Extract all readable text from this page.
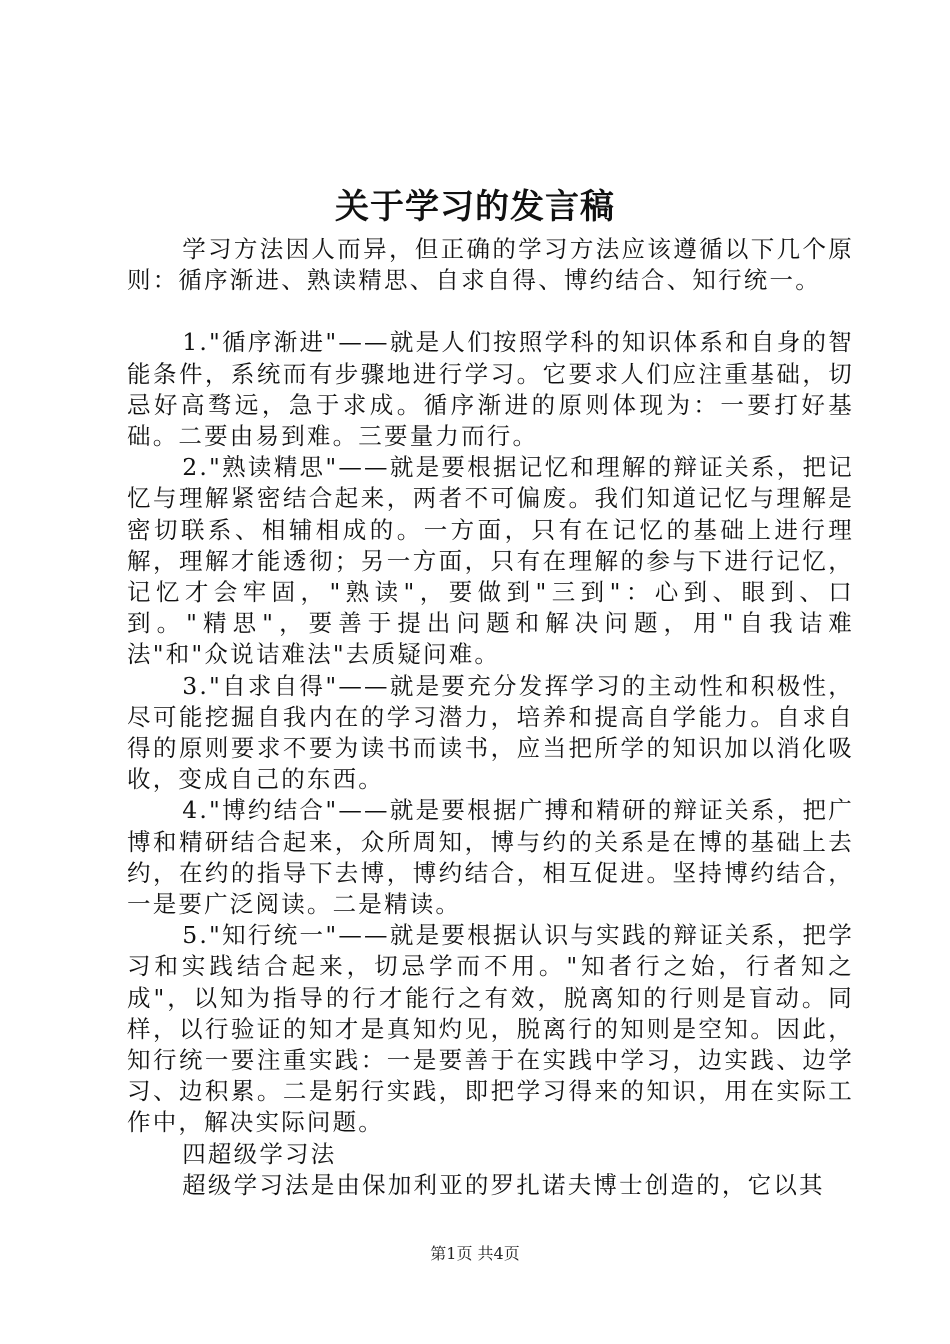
关于学习的发言稿

学习方法因人而异，但正确的学习方法应该遵循以下几个原则：循序渐进、熟读精思、自求自得、博约结合、知行统一。

1."循序渐进"——就是人们按照学科的知识体系和自身的智能条件，系统而有步骤地进行学习。它要求人们应注重基础，切忌好高骛远，急于求成。循序渐进的原则体现为：一要打好基础。二要由易到难。三要量力而行。

2."熟读精思"——就是要根据记忆和理解的辩证关系，把记忆与理解紧密结合起来，两者不可偏废。我们知道记忆与理解是密切联系、相辅相成的。一方面，只有在记忆的基础上进行理解，理解才能透彻；另一方面，只有在理解的参与下进行记忆，记忆才会牢固，"熟读"，要做到"三到"：心到、眼到、口到。"精思"，要善于提出问题和解决问题，用"自我诘难法"和"众说诘难法"去质疑问难。

3."自求自得"——就是要充分发挥学习的主动性和积极性，尽可能挖掘自我内在的学习潜力，培养和提高自学能力。自求自得的原则要求不要为读书而读书，应当把所学的知识加以消化吸收，变成自己的东西。

4."博约结合"——就是要根据广搏和精研的辩证关系，把广博和精研结合起来，众所周知，博与约的关系是在博的基础上去约，在约的指导下去博，博约结合，相互促进。坚持博约结合，一是要广泛阅读。二是精读。

5."知行统一"——就是要根据认识与实践的辩证关系，把学习和实践结合起来，切忌学而不用。"知者行之始，行者知之成"，以知为指导的行才能行之有效，脱离知的行则是盲动。同样，以行验证的知才是真知灼见，脱离行的知则是空知。因此，知行统一要注重实践：一是要善于在实践中学习，边实践、边学习、边积累。二是躬行实践，即把学习得来的知识，用在实际工作中，解决实际问题。

四超级学习法

超级学习法是由保加利亚的罗扎诺夫博士创造的，它以其

第1页 共4页
